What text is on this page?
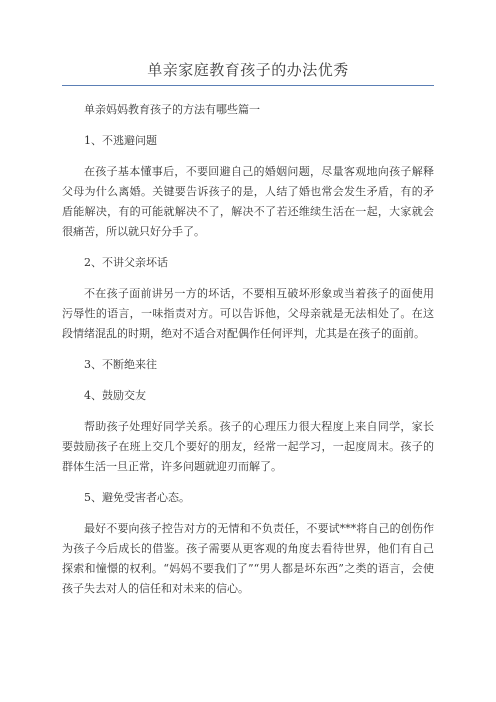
单亲家庭教育孩子的办法优秀

单亲妈妈教育孩子的方法有哪些篇一

1、不逃避问题

在孩子基本懂事后，不要回避自己的婚姻问题，尽量客观地向孩子解释父母为什么离婚。关键要告诉孩子的是，人结了婚也常会发生矛盾，有的矛盾能解决，有的可能就解决不了，解决不了若还维续生活在一起，大家就会很痛苦，所以就只好分手了。

2、不讲父亲坏话

不在孩子面前讲另一方的坏话，不要相互破坏形象或当着孩子的面使用污辱性的语言，一味指责对方。可以告诉他，父母亲就是无法相处了。在这段情绪混乱的时期，绝对不适合对配偶作任何评判，尤其是在孩子的面前。

3、不断绝来往

4、鼓励交友

帮助孩子处理好同学关系。孩子的心理压力很大程度上来自同学，家长要鼓励孩子在班上交几个要好的朋友，经常一起学习，一起度周末。孩子的群体生活一旦正常，许多问题就迎刃而解了。

5、避免受害者心态。

最好不要向孩子控告对方的无情和不负责任，不要试***将自己的创伤作为孩子今后成长的借鉴。孩子需要从更客观的角度去看待世界，他们有自己探索和憧憬的权利。“妈妈不要我们了”“男人都是坏东西”之类的语言，会使孩子失去对人的信任和对未来的信心。
